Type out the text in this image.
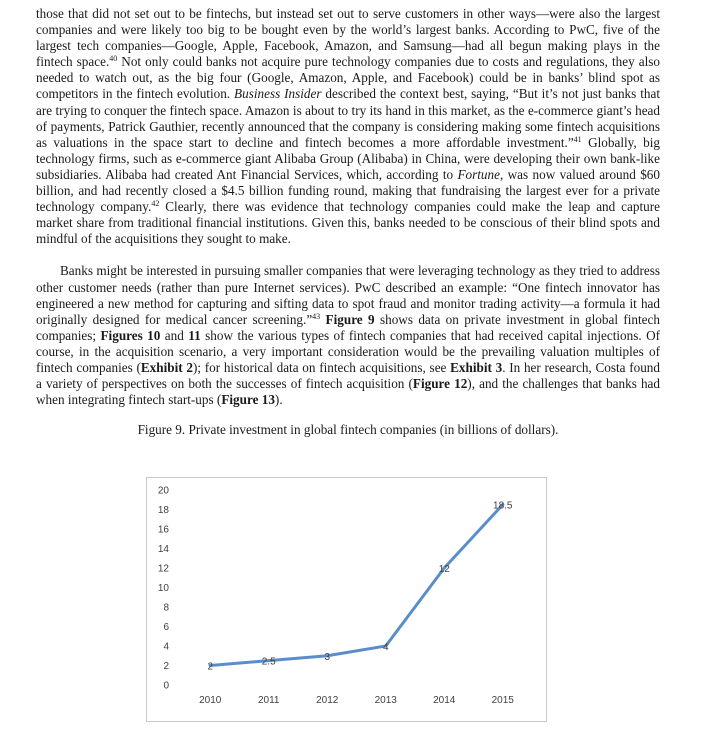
those that did not set out to be fintechs, but instead set out to serve customers in other ways—were also the largest companies and were likely too big to be bought even by the world’s largest banks. According to PwC, five of the largest tech companies—Google, Apple, Facebook, Amazon, and Samsung—had all begun making plays in the fintech space.$^{40}$ Not only could banks not acquire pure technology companies due to costs and regulations, they also needed to watch out, as the big four (Google, Amazon, Apple, and Facebook) could be in banks’ blind spot as competitors in the fintech evolution. Business Insider described the context best, saying, “But it’s not just banks that are trying to conquer the fintech space. Amazon is about to try its hand in this market, as the e-commerce giant’s head of payments, Patrick Gauthier, recently announced that the company is considering making some fintech acquisitions as valuations in the space start to decline and fintech becomes a more affordable investment.”$^{41}$ Globally, big technology firms, such as e-commerce giant Alibaba Group (Alibaba) in China, were developing their own bank-like subsidiaries. Alibaba had created Ant Financial Services, which, according to Fortune, was now valued around $60 billion, and had recently closed a $4.5 billion funding round, making that fundraising the largest ever for a private technology company.$^{42}$ Clearly, there was evidence that technology companies could make the leap and capture market share from traditional financial institutions. Given this, banks needed to be conscious of their blind spots and mindful of the acquisitions they sought to make.

Banks might be interested in pursuing smaller companies that were leveraging technology as they tried to address other customer needs (rather than pure Internet services). PwC described an example: “One fintech innovator has engineered a new method for capturing and sifting data to spot fraud and monitor trading activity—a formula it had originally designed for medical cancer screening.”$^{43}$ Figure 9 shows data on private investment in global fintech companies; Figures 10 and 11 show the various types of fintech companies that had received capital injections. Of course, in the acquisition scenario, a very important consideration would be the prevailing valuation multiples of fintech companies (Exhibit 2); for historical data on fintech acquisitions, see Exhibit 3. In her research, Costa found a variety of perspectives on both the successes of fintech acquisition (Figure 12), and the challenges that banks had when integrating fintech start-ups (Figure 13).

Figure 9. Private investment in global fintech companies (in billions of dollars).
0
2
4
6
8
10
12
14
16
18
20
2010	2011	2012	2013	2014	2015
2	2.5	3
4
12
18.5
